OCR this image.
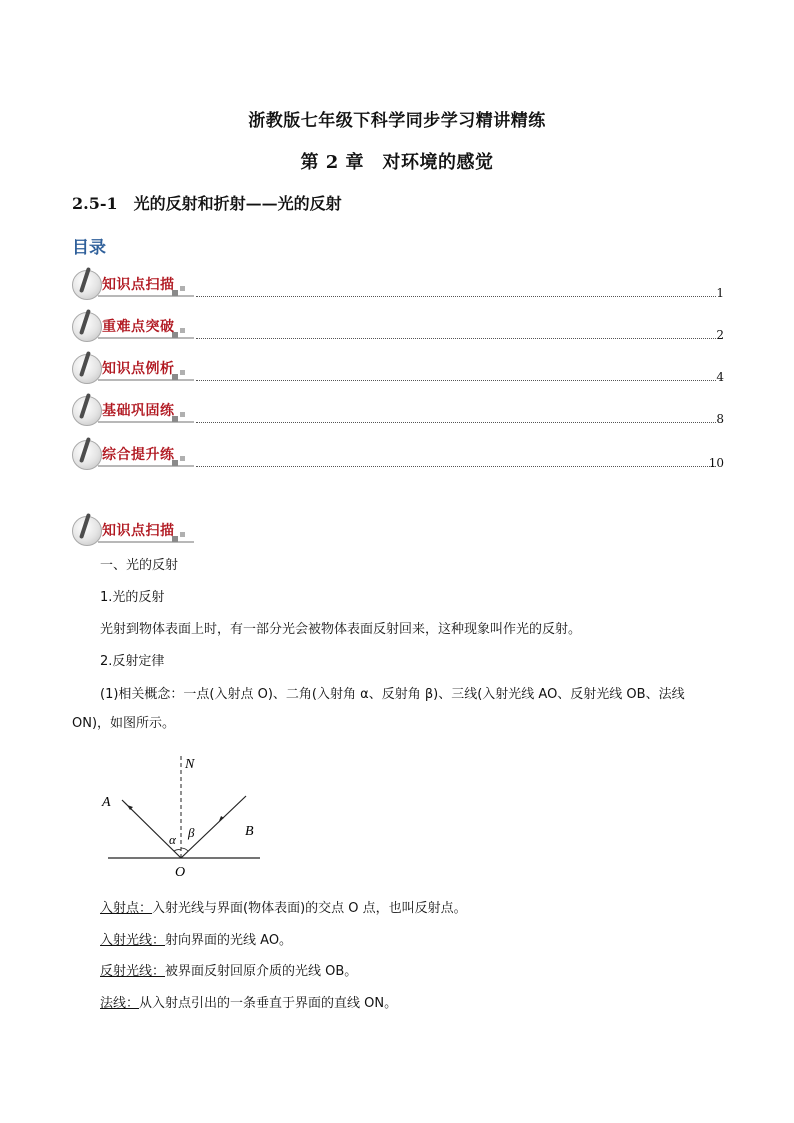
浙教版七年级下科学同步学习精讲精练
第 2 章　对环境的感觉
2.5-1　光的反射和折射——光的反射
目录
知识点扫描	1
重难点突破	2
知识点例析	4
基础巩固练	8
综合提升练	10
知识点扫描
一、光的反射
1.光的反射
光射到物体表面上时，有一部分光会被物体表面反射回来，这种现象叫作光的反射。
2.反射定律
(1)相关概念：一点(入射点 O)、二角(入射角 α、反射角 β)、三线(入射光线 AO、反射光线 OB、法线
ON)，如图所示。
N
A
B
O
α β
入射点：入射光线与界面(物体表面)的交点 O 点，也叫反射点。
入射光线：射向界面的光线 AO。
反射光线：被界面反射回原介质的光线 OB。
法线：从入射点引出的一条垂直于界面的直线 ON。
